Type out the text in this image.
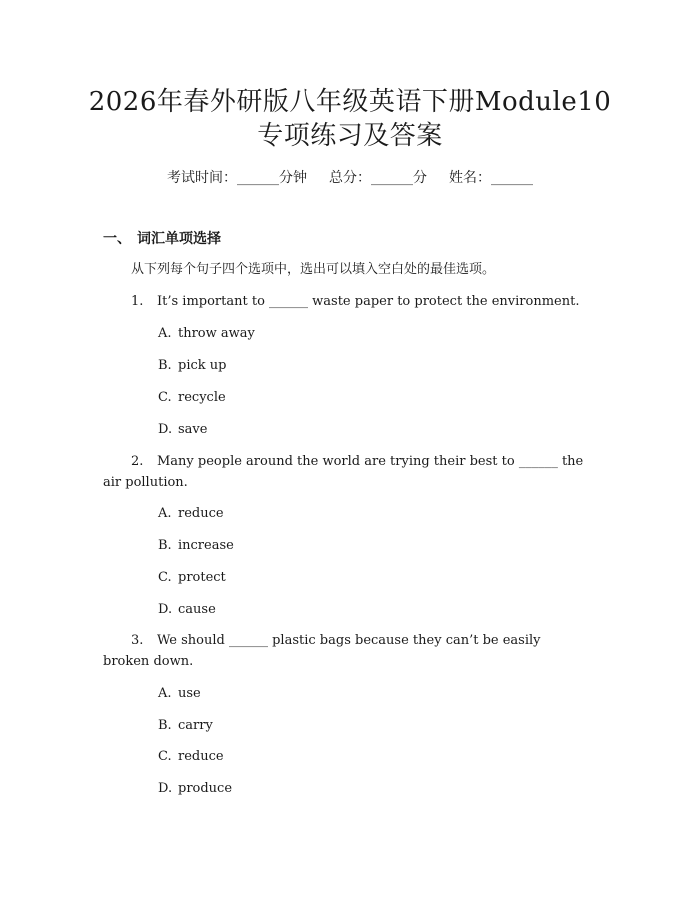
2026年春外研版八年级英语下册Module10
专项练习及答案
考试时间：______分钟 总分：______分 姓名：______
一、 词汇单项选择
从下列每个句子四个选项中，选出可以填入空白处的最佳选项。
1. It’s important to ______ waste paper to protect the environment.
A. throw away
B. pick up
C. recycle
D. save
2. Many people around the world are trying their best to ______ the
air pollution.
A. reduce
B. increase
C. protect
D. cause
3. We should ______ plastic bags because they can’t be easily
broken down.
A. use
B. carry
C. reduce
D. produce
